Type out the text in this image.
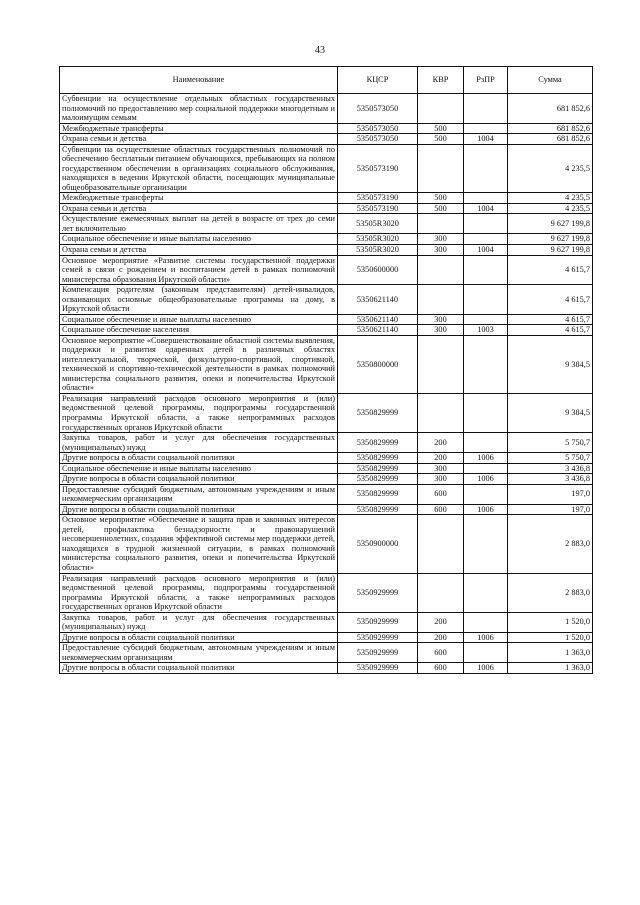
43
Наименование	КЦСР	КВР	РзПР	Сумма
Субвенции на осуществление отдельных областных государственных полномочий по предоставлению мер социальной поддержки многодетным и малоимущим семьям	5350573050			681 852,6
Межбюджетные трансферты	5350573050	500		681 852,6
Охрана семьи и детства	5350573050	500	1004	681 852,6
Субвенции на осуществление областных государственных полномочий по обеспечению бесплатным питанием обучающихся, пребывающих на полном государственном обеспечении в организациях социального обслуживания, находящихся в ведении Иркутской области, посещающих муниципальные общеобразовательные организации	5350573190			4 235,5
Межбюджетные трансферты	5350573190	500		4 235,5
Охрана семьи и детства	5350573190	500	1004	4 235,5
Осуществление ежемесячных выплат на детей в возрасте от трех до семи лет включительно	53505R3020			9 627 199,8
Социальное обеспечение и иные выплаты населению	53505R3020	300		9 627 199,8
Охрана семьи и детства	53505R3020	300	1004	9 627 199,8
Основное мероприятие «Развитие системы государственной поддержки семей в связи с рождением и воспитанием детей в рамках полномочий министерства образования Иркутской области»	5350600000			4 615,7
Компенсация родителям (законным представителям) детей-инвалидов, осваивающих основные общеобразовательные программы на дому, в Иркутской области	5350621140			4 615,7
Социальное обеспечение и иные выплаты населению	5350621140	300		4 615,7
Социальное обеспечение населения	5350621140	300	1003	4 615,7
Основное мероприятие «Совершенствование областной системы выявления, поддержки и развития одаренных детей в различных областях интеллектуальной, творческой, физкультурно-спортивной, спортивной, технической и спортивно-технической деятельности в рамках полномочий министерства социального развития, опеки и попечительства Иркутской области»	5350800000			9 384,5
Реализация направлений расходов основного мероприятия и (или) ведомственной целевой программы, подпрограммы государственной программы Иркутской области, а также непрограммных расходов государственных органов Иркутской области	5350829999			9 384,5
Закупка товаров, работ и услуг для обеспечения государственных (муниципальных) нужд	5350829999	200		5 750,7
Другие вопросы в области социальной политики	5350829999	200	1006	5 750,7
Социальное обеспечение и иные выплаты населению	5350829999	300		3 436,8
Другие вопросы в области социальной политики	5350829999	300	1006	3 436,8
Предоставление субсидий бюджетным, автономным учреждениям и иным некоммерческим организациям	5350829999	600		197,0
Другие вопросы в области социальной политики	5350829999	600	1006	197,0
Основное мероприятие «Обеспечение и защита прав и законных интересов детей, профилактика безнадзорности и правонарушений несовершеннолетних, создания эффективной системы мер поддержки детей, находящихся в трудной жизненной ситуации, в рамках полномочий министерства социального развития, опеки и попечительства Иркутской области»	5350900000			2 883,0
Реализация направлений расходов основного мероприятия и (или) ведомственной целевой программы, подпрограммы государственной программы Иркутской области, а также непрограммных расходов государственных органов Иркутской области	5350929999			2 883,0
Закупка товаров, работ и услуг для обеспечения государственных (муниципальных) нужд	5350929999	200		1 520,0
Другие вопросы в области социальной политики	5350929999	200	1006	1 520,0
Предоставление субсидий бюджетным, автономным учреждениям и иным некоммерческим организациям	5350929999	600		1 363,0
Другие вопросы в области социальной политики	5350929999	600	1006	1 363,0
